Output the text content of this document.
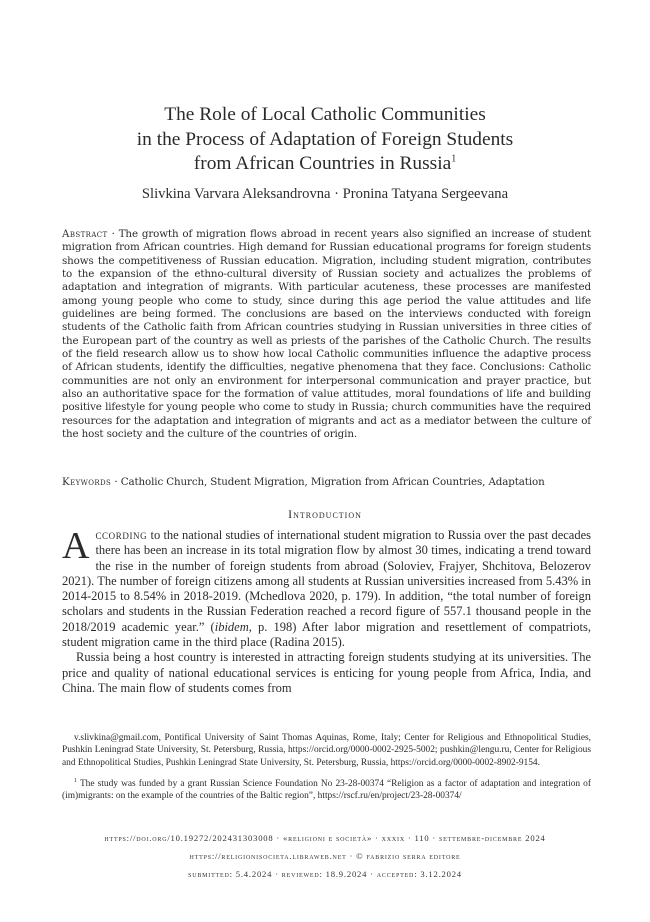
The Role of Local Catholic Communities
in the Process of Adaptation of Foreign Students
from African Countries in Russia$^1$
Slivkina Varvara Aleksandrovna · Pronina Tatyana Sergeevana
Abstract · The growth of migration flows abroad in recent years also signified an increase of student migration from African countries. High demand for Russian educational programs for foreign students shows the competitiveness of Russian education. Migration, including student migration, contributes to the expansion of the ethno-cultural diversity of Russian society and actualizes the problems of adaptation and integration of migrants. With particular acuteness, these processes are manifested among young people who come to study, since during this age period the value attitudes and life guidelines are being formed. The conclusions are based on the interviews conducted with foreign students of the Catholic faith from African countries studying in Russian universities in three cities of the European part of the country as well as priests of the parishes of the Catholic Church. The results of the field research allow us to show how local Catholic communities influence the adaptive process of African students, identify the difficulties, negative phenomena that they face. Conclusions: Catholic communities are not only an environment for interpersonal communication and prayer practice, but also an authoritative space for the formation of value attitudes, moral foundations of life and building positive lifestyle for young people who come to study in Russia; church communities have the required resources for the adaptation and integration of migrants and act as a mediator between the culture of the host society and the culture of the countries of origin.
Keywords · Catholic Church, Student Migration, Migration from African Countries, Adaptation
Introduction

According to the national studies of international student migration to Russia over the past decades there has been an increase in its total migration flow by almost 30 times, indicating a trend toward the rise in the number of foreign students from abroad (Soloviev, Frajyer, Shchitova, Belozerov 2021). The number of foreign citizens among all students at Russian universities increased from 5.43% in 2014-2015 to 8.54% in 2018-2019. (Mchedlova 2020, p. 179). In addition, “the total number of foreign scholars and students in the Russian Federation reached a record figure of 557.1 thousand people in the 2018/2019 academic year.” (ibidem, p. 198) After labor migration and resettlement of compatriots, student migration came in the third place (Radina 2015).

Russia being a host country is interested in attracting foreign students studying at its universities. The price and quality of national educational services is enticing for young people from Africa, India, and China. The main flow of students comes from

v.slivkina@gmail.com, Pontifical University of Saint Thomas Aquinas, Rome, Italy; Center for Religious and Ethnopolitical Studies, Pushkin Leningrad State University, St. Petersburg, Russia, https://orcid.org/0000-0002-2925-5002; pushkin@lengu.ru, Center for Religious and Ethnopolitical Studies, Pushkin Leningrad State University, St. Petersburg, Russia, https://orcid.org/0000-0002-8902-9154.

$^1$ The study was funded by a grant Russian Science Foundation No 23-28-00374 “Religion as a factor of adaptation and integration of (im)migrants: on the example of the countries of the Baltic region”, https://rscf.ru/en/project/23-28-00374/

https://doi.org/10.19272/202431303008 · «religioni e società» · xxxix · 110 · settembre-dicembre 2024
https://religionisocieta.libraweb.net · © fabrizio serra editore
submitted: 5.4.2024 · reviewed: 18.9.2024 · accepted: 3.12.2024
